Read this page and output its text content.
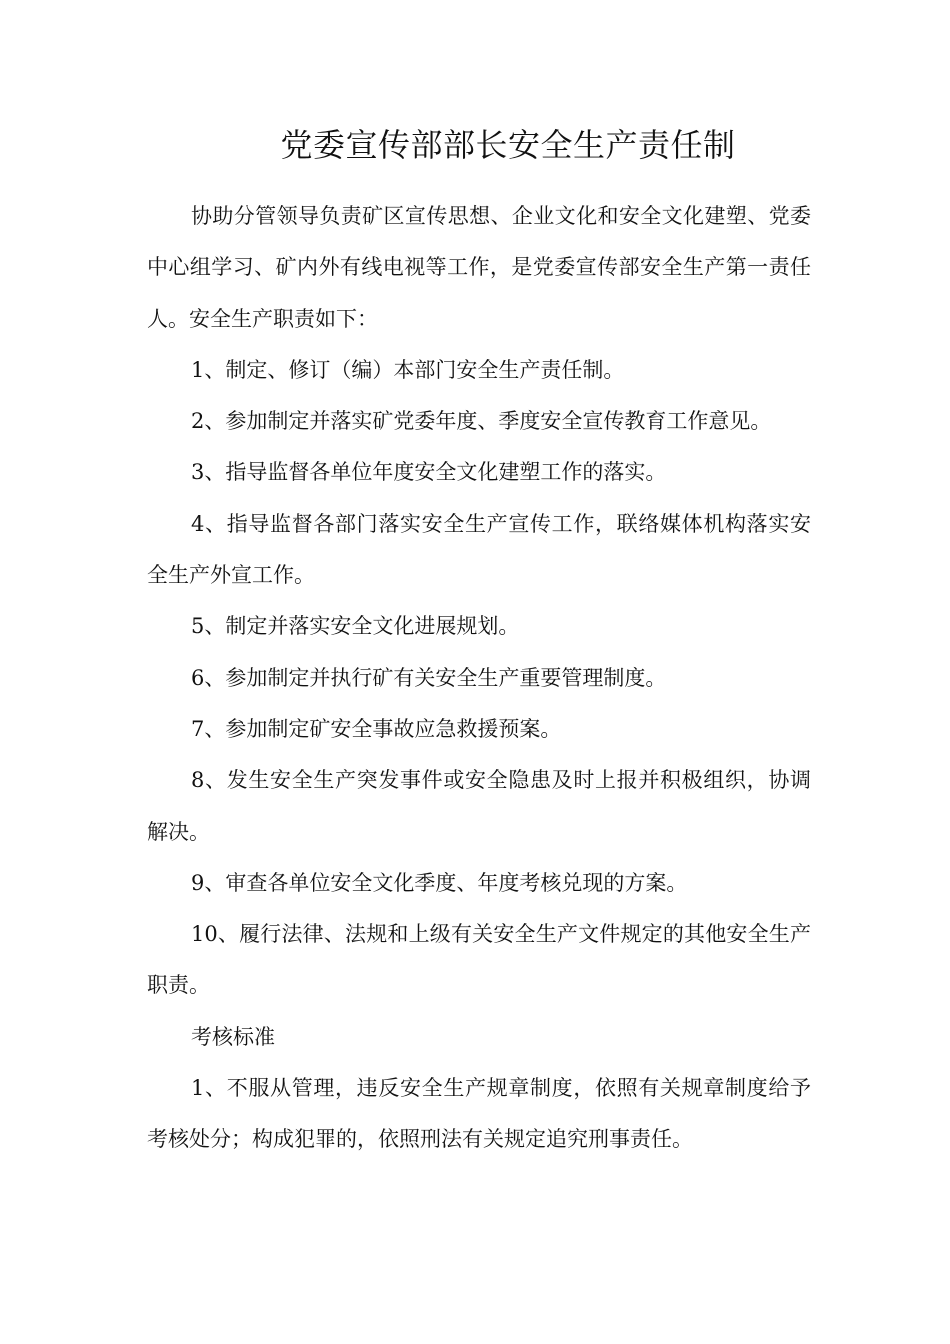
党委宣传部部长安全生产责任制

协助分管领导负责矿区宣传思想、企业文化和安全文化建塑、党委中心组学习、矿内外有线电视等工作，是党委宣传部安全生产第一责任人。安全生产职责如下：

1、制定、修订（编）本部门安全生产责任制。

2、参加制定并落实矿党委年度、季度安全宣传教育工作意见。

3、指导监督各单位年度安全文化建塑工作的落实。

4、指导监督各部门落实安全生产宣传工作，联络媒体机构落实安全生产外宣工作。

5、制定并落实安全文化进展规划。

6、参加制定并执行矿有关安全生产重要管理制度。

7、参加制定矿安全事故应急救援预案。

8、发生安全生产突发事件或安全隐患及时上报并积极组织，协调解决。

9、审查各单位安全文化季度、年度考核兑现的方案。

10、履行法律、法规和上级有关安全生产文件规定的其他安全生产职责。

考核标准

1、不服从管理，违反安全生产规章制度，依照有关规章制度给予考核处分；构成犯罪的，依照刑法有关规定追究刑事责任。
